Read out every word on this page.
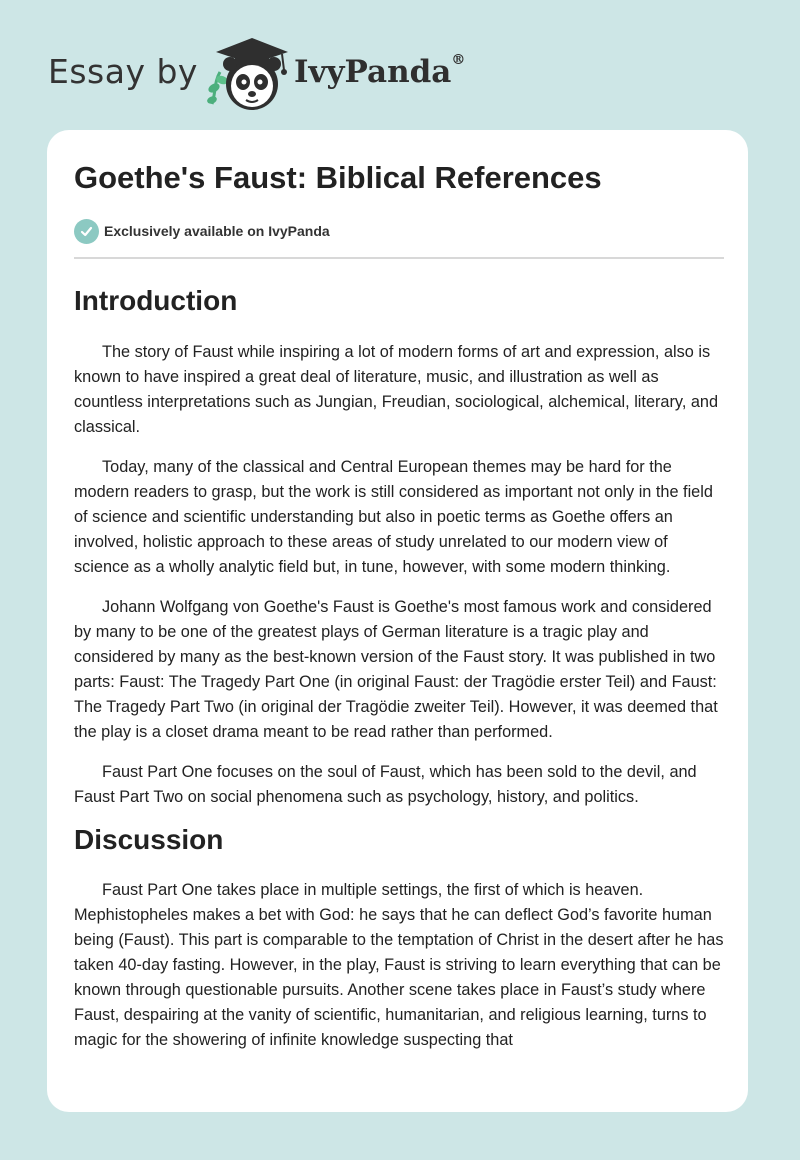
Essay by	IvyPanda®
Goethe's Faust: Biblical References
Exclusively available on IvyPanda
Introduction

The story of Faust while inspiring a lot of modern forms of art and expression, also is known to have inspired a great deal of literature, music, and illustration as well as countless interpretations such as Jungian, Freudian, sociological, alchemical, literary, and classical.

Today, many of the classical and Central European themes may be hard for the modern readers to grasp, but the work is still considered as important not only in the field of science and scientific understanding but also in poetic terms as Goethe offers an involved, holistic approach to these areas of study unrelated to our modern view of science as a wholly analytic field but, in tune, however, with some modern thinking.

Johann Wolfgang von Goethe's Faust is Goethe's most famous work and considered by many to be one of the greatest plays of German literature is a tragic play and considered by many as the best-known version of the Faust story. It was published in two parts: Faust: The Tragedy Part One (in original Faust: der Tragödie erster Teil) and Faust: The Tragedy Part Two (in original der Tragödie zweiter Teil). However, it was deemed that the play is a closet drama meant to be read rather than performed.

Faust Part One focuses on the soul of Faust, which has been sold to the devil, and Faust Part Two on social phenomena such as psychology, history, and politics.

Discussion

Faust Part One takes place in multiple settings, the first of which is heaven. Mephistopheles makes a bet with God: he says that he can deflect God’s favorite human being (Faust). This part is comparable to the temptation of Christ in the desert after he has taken 40-day fasting. However, in the play, Faust is striving to learn everything that can be known through questionable pursuits. Another scene takes place in Faust’s study where Faust, despairing at the vanity of scientific, humanitarian, and religious learning, turns to magic for the showering of infinite knowledge suspecting that
